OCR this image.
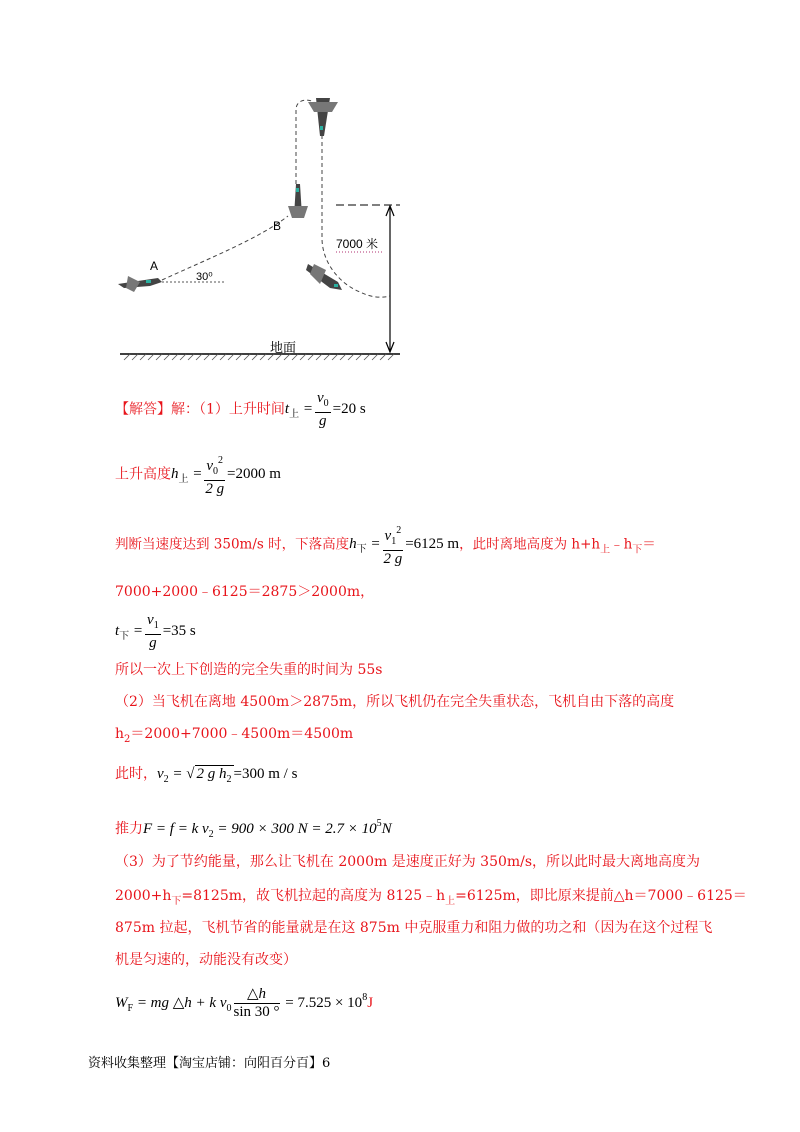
地面
A
30⁰
B
7000 米
【解答】解：（1）上升时间$t_上 = \frac{v_0}{g} =20$ s
上升高度$h_上 = \frac{v_0^2}{2 g} =2000$ m
判断当速度达到 350m/s 时，下落高度$h_下 = \frac{v_1^2}{2 g} =6125$ m，此时离地高度为 $h+h_上﹣h_下=$
7000+2000﹣6125＝2875＞2000m，
$t_下 = \frac{v_1}{g} =35$ s
所以一次上下创造的完全失重的时间为 55s
（2）当飞机在离地 4500m＞2875m，所以飞机仍在完全失重状态，飞机自由下落的高度
$h_2=2000+7000﹣4500m=4500m$
此时，$v_2$ = √ 2 g $h_2 =300$ m / s
推力F = f = k $v_2 = 900 \times 300$ $N = 2.7 \times 10^5N$
（3）为了节约能量，那么让飞机在 2000m 是速度正好为 350m/s，所以此时最大离地高度为
$2000+h_下=8125m$，故飞机拉起的高度为 $8125﹣h_上=6125m$，即比原来提前△h＝7000﹣6125＝
875m 拉起，飞机节省的能量就是在这 875m 中克服重力和阻力做的功之和（因为在这个过程飞
机是匀速的，动能没有改变）
$W_F$ = mg △h + k $v_0 \frac{\triangle h}{\sin 30 ^\circ} = 7.525 \times 10^8J$
资料收集整理【淘宝店铺：向阳百分百】6
